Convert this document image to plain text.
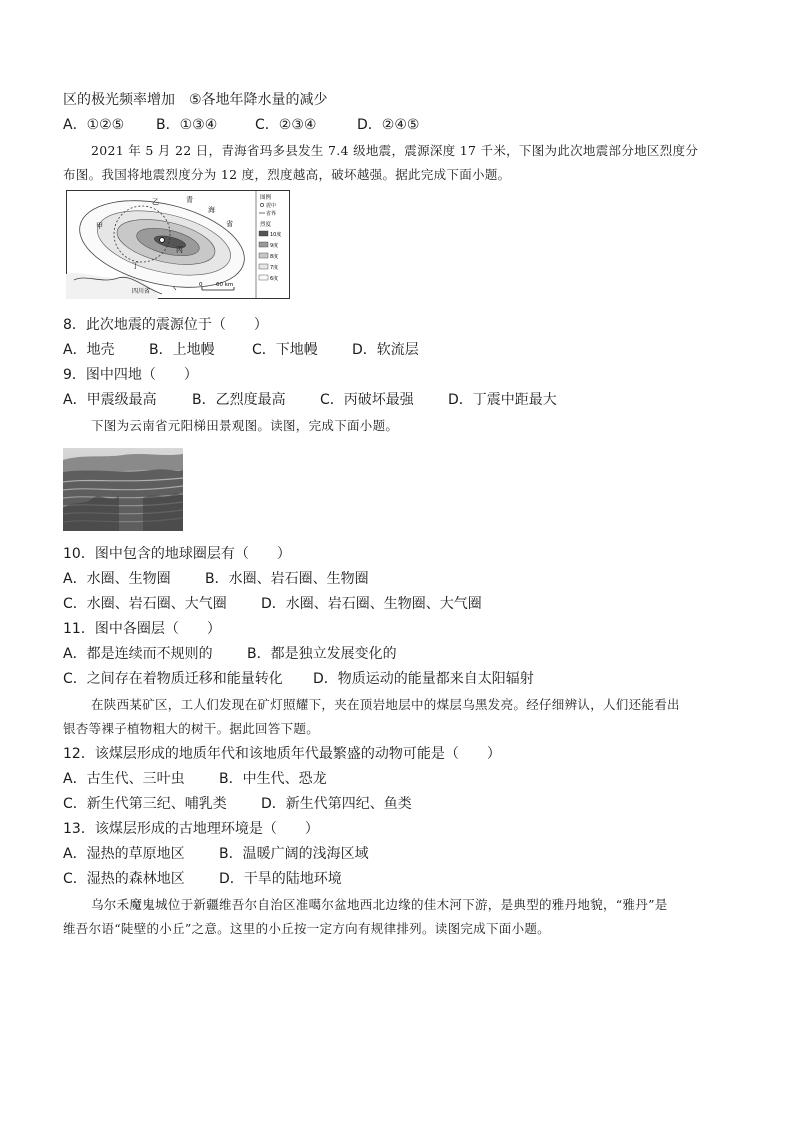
区的极光频率增加　⑤各地年降水量的减少
A．①②⑤ B．①③④	C．②③④	D．②④⑤
2021 年 5 月 22 日，青海省玛多县发生 7.4 级地震，震源深度 17 千米，下图为此次地震部分地区烈度分
布图。我国将地震烈度分为 12 度，烈度越高，破坏越强。据此完成下面小题。
乙
甲
丙
丁
青
海
省
四川省
0 60 km
图例
震中
省界
烈度
10度
9度
8度
7度
6度
8．此次地震的震源位于（　　）
A．地壳 B．上地幔	C．下地幔 D．软流层
9．图中四地（　　）
A．甲震级最高	B．乙烈度最高 C．丙破坏最强 D．丁震中距最大
下图为云南省元阳梯田景观图。读图，完成下面小题。
10．图中包含的地球圈层有（　　）
A．水圈、生物圈 B．水圈、岩石圈、生物圈
C．水圈、岩石圈、大气圈 D．水圈、岩石圈、生物圈、大气圈
11．图中各圈层（　　）
A．都是连续而不规则的 B．都是独立发展变化的
C．之间存在着物质迁移和能量转化 D．物质运动的能量都来自太阳辐射
在陕西某矿区，工人们发现在矿灯照耀下，夹在顶岩地层中的煤层乌黑发亮。经仔细辨认，人们还能看出
银杏等裸子植物粗大的树干。据此回答下题。
12．该煤层形成的地质年代和该地质年代最繁盛的动物可能是（　　）
A．古生代、三叶虫 B．中生代、恐龙
C．新生代第三纪、哺乳类 D．新生代第四纪、鱼类
13．该煤层形成的古地理环境是（　　）
A．湿热的草原地区 B．温暖广阔的浅海区域
C．湿热的森林地区 D．干旱的陆地环境
乌尔禾魔鬼城位于新疆维吾尔自治区准噶尔盆地西北边缘的佳木河下游，是典型的雅丹地貌，“雅丹”是
维吾尔语“陡壁的小丘”之意。这里的小丘按一定方向有规律排列。读图完成下面小题。
